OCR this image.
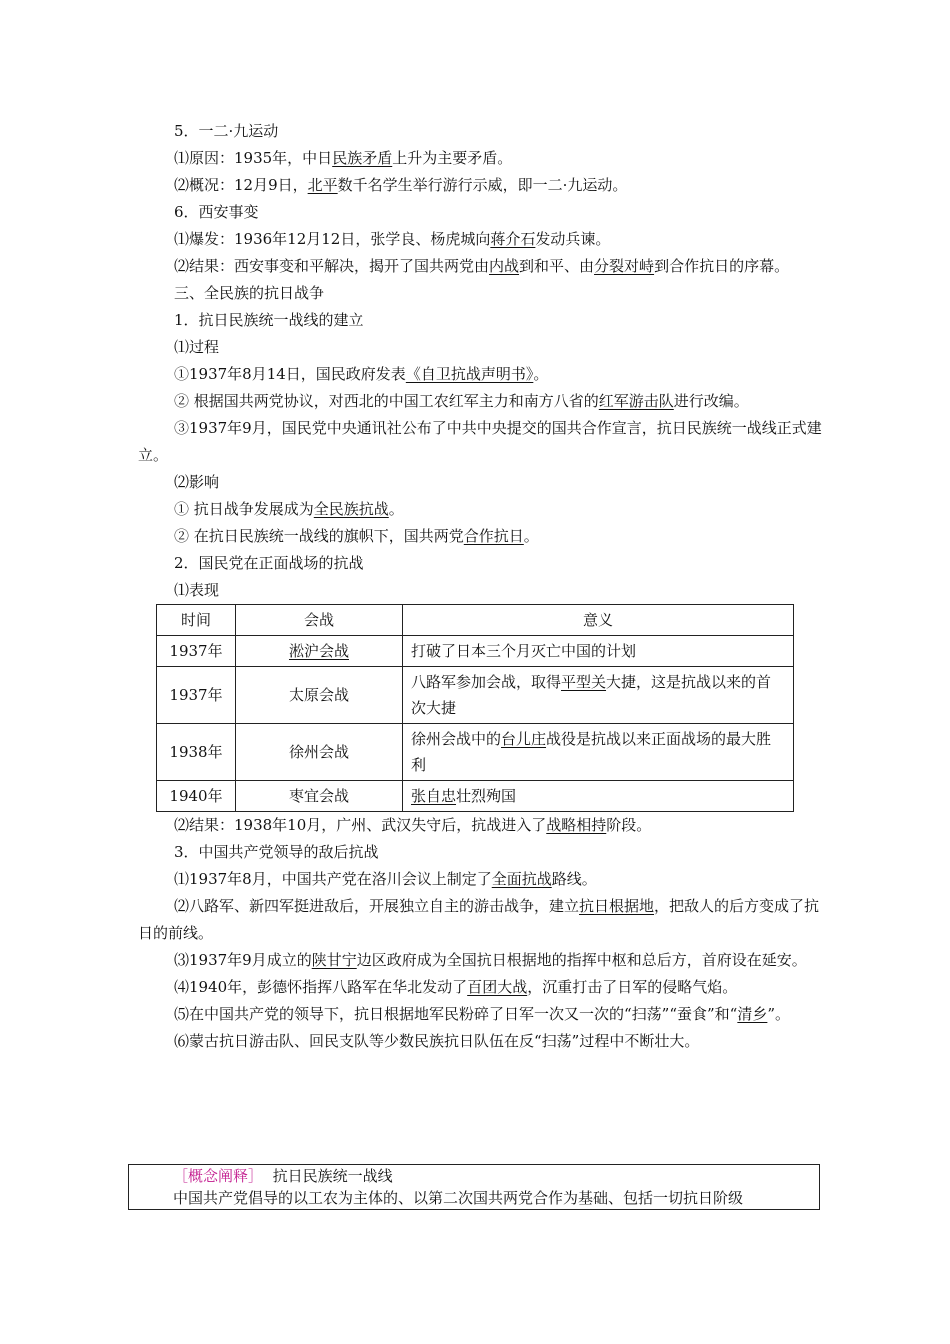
5．一二·九运动

⑴原因：1935年，中日民族矛盾上升为主要矛盾。

⑵概况：12月9日，北平数千名学生举行游行示威，即一二·九运动。

6．西安事变

⑴爆发：1936年12月12日，张学良、杨虎城向蒋介石发动兵谏。

⑵结果：西安事变和平解决，揭开了国共两党由内战到和平、由分裂对峙到合作抗日的序幕。

三、全民族的抗日战争

1．抗日民族统一战线的建立

⑴过程

①1937年8月14日，国民政府发表《自卫抗战声明书》。

② 根据国共两党协议，对西北的中国工农红军主力和南方八省的红军游击队进行改编。

③1937年9月，国民党中央通讯社公布了中共中央提交的国共合作宣言，抗日民族统一战线正式建立。

⑵影响

① 抗日战争发展成为全民族抗战。

② 在抗日民族统一战线的旗帜下，国共两党合作抗日。

2．国民党在正面战场的抗战

⑴表现

时间	会战	意义
1937年	淞沪会战	打破了日本三个月灭亡中国的计划
1937年	太原会战	八路军参加会战，取得平型关大捷，这是抗战以来的首次大捷
1938年	徐州会战	徐州会战中的台儿庄战役是抗战以来正面战场的最大胜利
1940年	枣宜会战	张自忠壮烈殉国

⑵结果：1938年10月，广州、武汉失守后，抗战进入了战略相持阶段。

3．中国共产党领导的敌后抗战

⑴1937年8月，中国共产党在洛川会议上制定了全面抗战路线。

⑵八路军、新四军挺进敌后，开展独立自主的游击战争，建立抗日根据地，把敌人的后方变成了抗日的前线。

⑶1937年9月成立的陕甘宁边区政府成为全国抗日根据地的指挥中枢和总后方，首府设在延安。

⑷1940年，彭德怀指挥八路军在华北发动了百团大战，沉重打击了日军的侵略气焰。

⑸在中国共产党的领导下，抗日根据地军民粉碎了日军一次又一次的“扫荡”“蚕食”和“清乡”。

⑹蒙古抗日游击队、回民支队等少数民族抗日队伍在反“扫荡”过程中不断壮大。

［概念阐释］ 抗日民族统一战线

中国共产党倡导的以工农为主体的、以第二次国共两党合作为基础、包括一切抗日阶级
